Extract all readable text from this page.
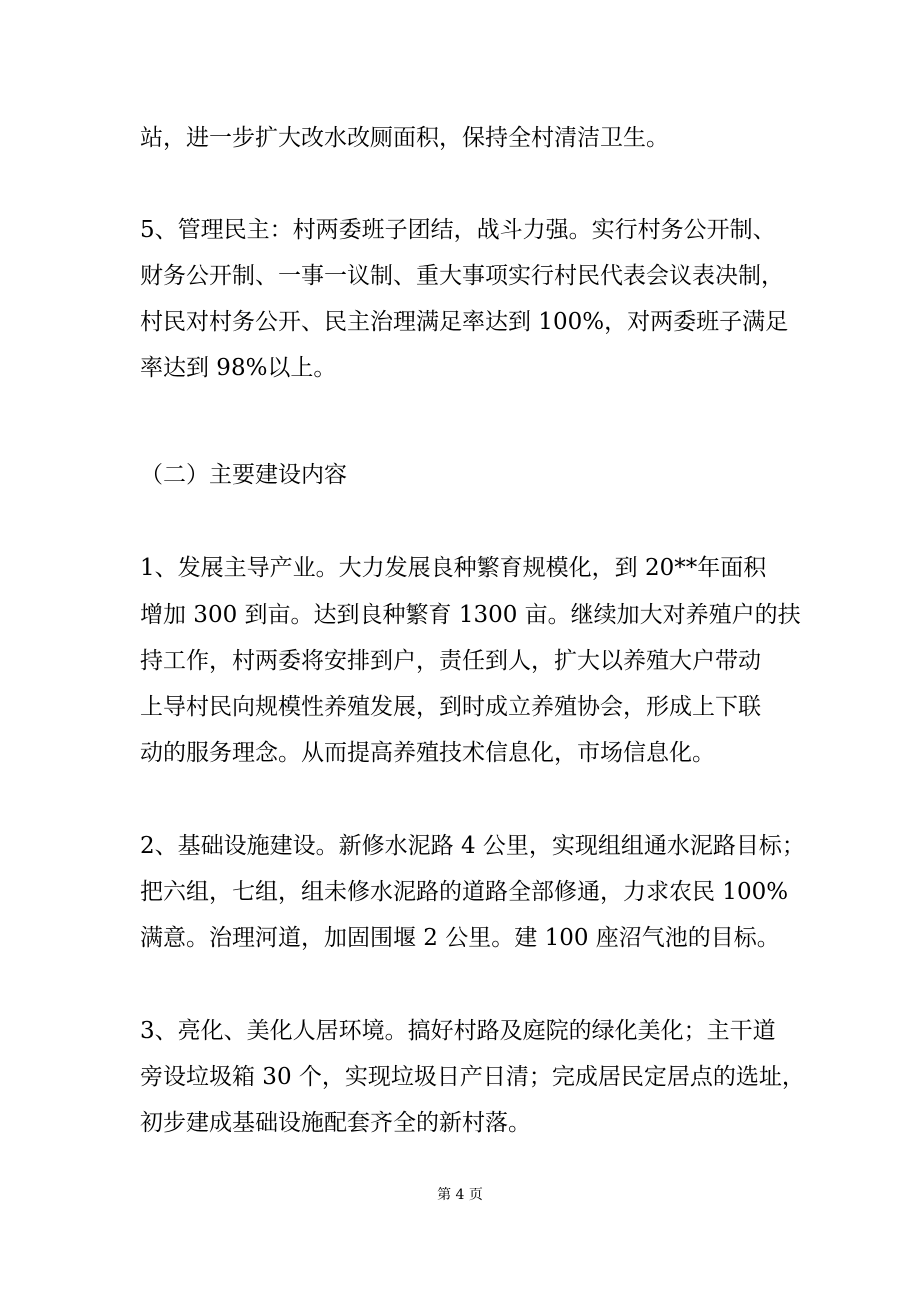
站，进一步扩大改水改厕面积，保持全村清洁卫生。

5、管理民主：村两委班子团结，战斗力强。实行村务公开制、

财务公开制、一事一议制、重大事项实行村民代表会议表决制，

村民对村务公开、民主治理满足率达到 100%，对两委班子满足

率达到 98%以上。

（二）主要建设内容

1、发展主导产业。大力发展良种繁育规模化，到 20**年面积

增加 300 到亩。达到良种繁育 1300 亩。继续加大对养殖户的扶

持工作，村两委将安排到户，责任到人，扩大以养殖大户带动

上导村民向规模性养殖发展，到时成立养殖协会，形成上下联

动的服务理念。从而提高养殖技术信息化，市场信息化。

2、基础设施建设。新修水泥路 4 公里，实现组组通水泥路目标；

把六组，七组，组未修水泥路的道路全部修通，力求农民 100%

满意。治理河道，加固围堰 2 公里。建 100 座沼气池的目标。

3、亮化、美化人居环境。搞好村路及庭院的绿化美化；主干道

旁设垃圾箱 30 个，实现垃圾日产日清；完成居民定居点的选址，

初步建成基础设施配套齐全的新村落。

第 4 页
